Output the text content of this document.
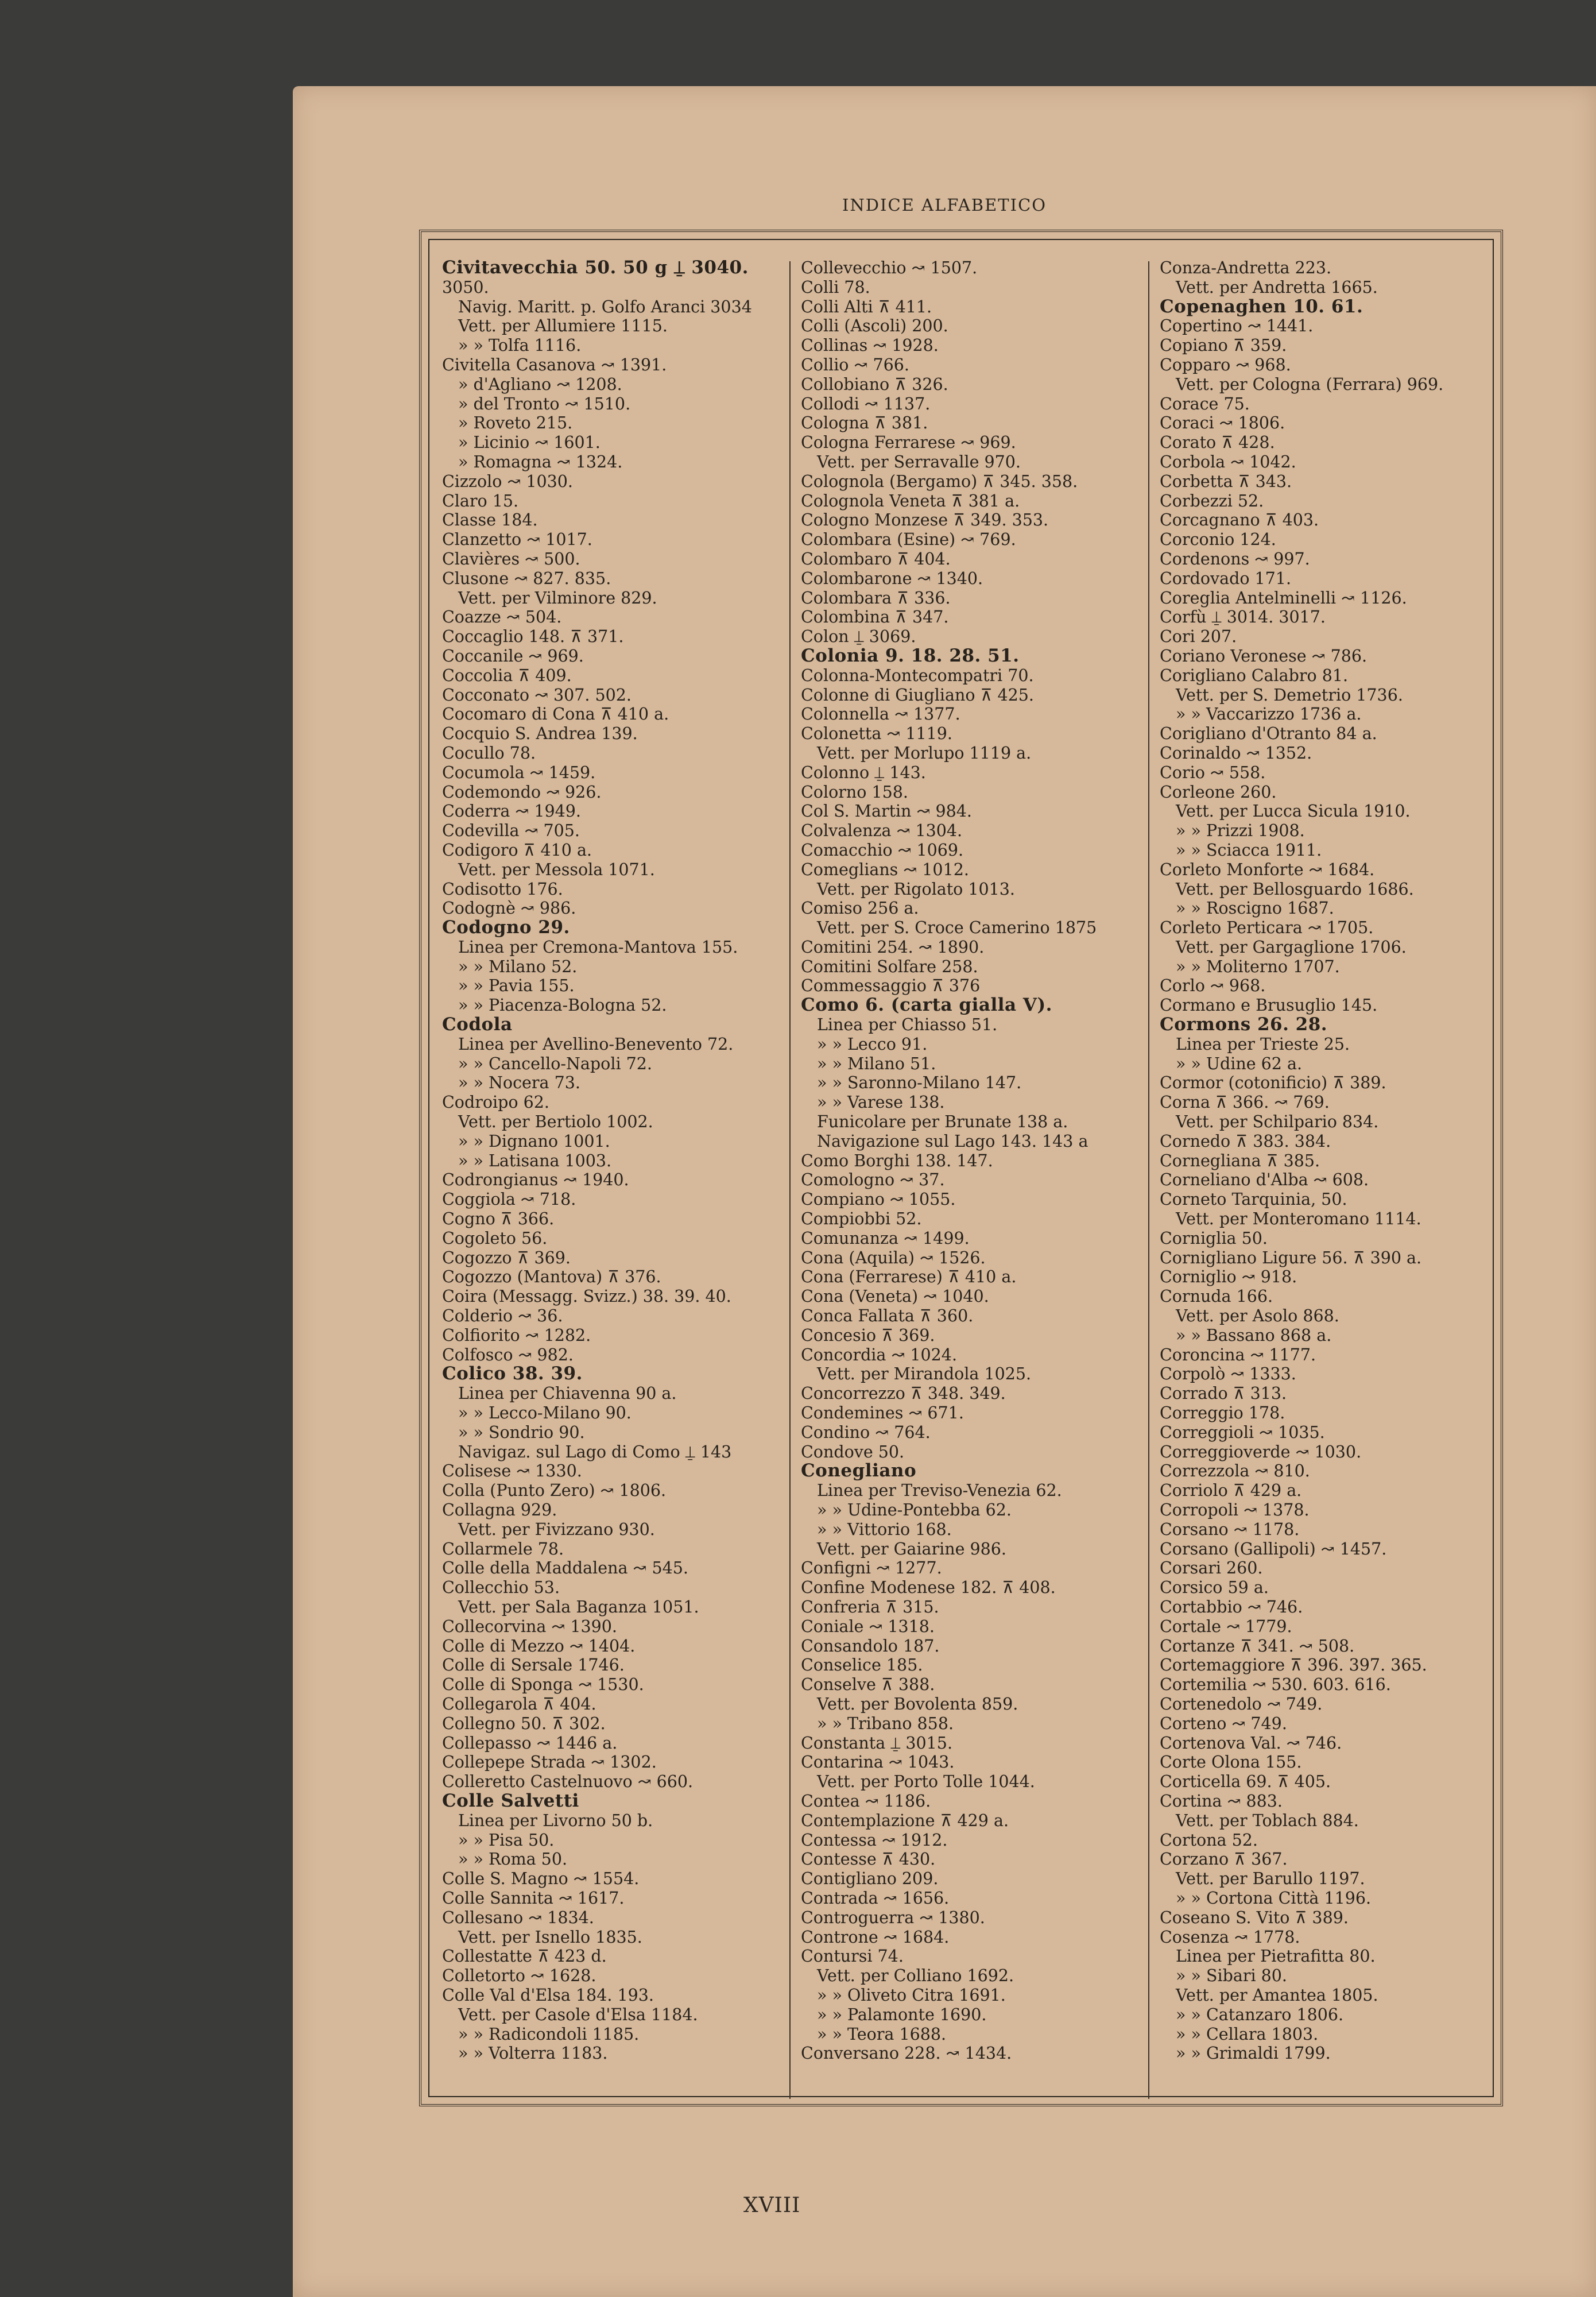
INDICE ALFABETICO
XVIII
Civitavecchia 50. 50 g ⍊ 3040.
3050.
Navig. Maritt. p. Golfo Aranci 3034
Vett. per Allumiere 1115.
» » Tolfa 1116.
Civitella Casanova ↝ 1391.
» d'Agliano ↝ 1208.
» del Tronto ↝ 1510.
» Roveto 215.
» Licinio ↝ 1601.
» Romagna ↝ 1324.
Cizzolo ↝ 1030.
Claro 15.
Classe 184.
Clanzetto ↝ 1017.
Clavières ↝ 500.
Clusone ↝ 827. 835.
Vett. per Vilminore 829.
Coazze ↝ 504.
Coccaglio 148. ⊼ 371.
Coccanile ↝ 969.
Coccolia ⊼ 409.
Cocconato ↝ 307. 502.
Cocomaro di Cona ⊼ 410 a.
Cocquio S. Andrea 139.
Cocullo 78.
Cocumola ↝ 1459.
Codemondo ↝ 926.
Coderra ↝ 1949.
Codevilla ↝ 705.
Codigoro ⊼ 410 a.
Vett. per Messola 1071.
Codisotto 176.
Codognè ↝ 986.
Codogno 29.
Linea per Cremona-Mantova 155.
» » Milano 52.
» » Pavia 155.
» » Piacenza-Bologna 52.
Codola
Linea per Avellino-Benevento 72.
» » Cancello-Napoli 72.
» » Nocera 73.
Codroipo 62.
Vett. per Bertiolo 1002.
» » Dignano 1001.
» » Latisana 1003.
Codrongianus ↝ 1940.
Coggiola ↝ 718.
Cogno ⊼ 366.
Cogoleto 56.
Cogozzo ⊼ 369.
Cogozzo (Mantova) ⊼ 376.
Coira (Messagg. Svizz.) 38. 39. 40.
Colderio ↝ 36.
Colfiorito ↝ 1282.
Colfosco ↝ 982.
Colico 38. 39.
Linea per Chiavenna 90 a.
» » Lecco-Milano 90.
» » Sondrio 90.
Navigaz. sul Lago di Como ⍊ 143
Colisese ↝ 1330.
Colla (Punto Zero) ↝ 1806.
Collagna 929.
Vett. per Fivizzano 930.
Collarmele 78.
Colle della Maddalena ↝ 545.
Collecchio 53.
Vett. per Sala Baganza 1051.
Collecorvina ↝ 1390.
Colle di Mezzo ↝ 1404.
Colle di Sersale 1746.
Colle di Sponga ↝ 1530.
Collegarola ⊼ 404.
Collegno 50. ⊼ 302.
Collepasso ↝ 1446 a.
Collepepe Strada ↝ 1302.
Colleretto Castelnuovo ↝ 660.
Colle Salvetti
Linea per Livorno 50 b.
» » Pisa 50.
» » Roma 50.
Colle S. Magno ↝ 1554.
Colle Sannita ↝ 1617.
Collesano ↝ 1834.
Vett. per Isnello 1835.
Collestatte ⊼ 423 d.
Colletorto ↝ 1628.
Colle Val d'Elsa 184. 193.
Vett. per Casole d'Elsa 1184.
» » Radicondoli 1185.
» » Volterra 1183.
Collevecchio ↝ 1507.
Colli 78.
Colli Alti ⊼ 411.
Colli (Ascoli) 200.
Collinas ↝ 1928.
Collio ↝ 766.
Collobiano ⊼ 326.
Collodi ↝ 1137.
Cologna ⊼ 381.
Cologna Ferrarese ↝ 969.
Vett. per Serravalle 970.
Colognola (Bergamo) ⊼ 345. 358.
Colognola Veneta ⊼ 381 a.
Cologno Monzese ⊼ 349. 353.
Colombara (Esine) ↝ 769.
Colombaro ⊼ 404.
Colombarone ↝ 1340.
Colombara ⊼ 336.
Colombina ⊼ 347.
Colon ⍊ 3069.
Colonia 9. 18. 28. 51.
Colonna-Montecompatri 70.
Colonne di Giugliano ⊼ 425.
Colonnella ↝ 1377.
Colonetta ↝ 1119.
Vett. per Morlupo 1119 a.
Colonno ⍊ 143.
Colorno 158.
Col S. Martin ↝ 984.
Colvalenza ↝ 1304.
Comacchio ↝ 1069.
Comeglians ↝ 1012.
Vett. per Rigolato 1013.
Comiso 256 a.
Vett. per S. Croce Camerino 1875
Comitini 254. ↝ 1890.
Comitini Solfare 258.
Commessaggio ⊼ 376
Como 6. (carta gialla V).
Linea per Chiasso 51.
» » Lecco 91.
» » Milano 51.
» » Saronno-Milano 147.
» » Varese 138.
Funicolare per Brunate 138 a.
Navigazione sul Lago 143. 143 a
Como Borghi 138. 147.
Comologno ↝ 37.
Compiano ↝ 1055.
Compiobbi 52.
Comunanza ↝ 1499.
Cona (Aquila) ↝ 1526.
Cona (Ferrarese) ⊼ 410 a.
Cona (Veneta) ↝ 1040.
Conca Fallata ⊼ 360.
Concesio ⊼ 369.
Concordia ↝ 1024.
Vett. per Mirandola 1025.
Concorrezzo ⊼ 348. 349.
Condemines ↝ 671.
Condino ↝ 764.
Condove 50.
Conegliano
Linea per Treviso-Venezia 62.
» » Udine-Pontebba 62.
» » Vittorio 168.
Vett. per Gaiarine 986.
Configni ↝ 1277.
Confine Modenese 182. ⊼ 408.
Confreria ⊼ 315.
Coniale ↝ 1318.
Consandolo 187.
Conselice 185.
Conselve ⊼ 388.
Vett. per Bovolenta 859.
» » Tribano 858.
Constanta ⍊ 3015.
Contarina ↝ 1043.
Vett. per Porto Tolle 1044.
Contea ↝ 1186.
Contemplazione ⊼ 429 a.
Contessa ↝ 1912.
Contesse ⊼ 430.
Contigliano 209.
Contrada ↝ 1656.
Controguerra ↝ 1380.
Controne ↝ 1684.
Contursi 74.
Vett. per Colliano 1692.
» » Oliveto Citra 1691.
» » Palamonte 1690.
» » Teora 1688.
Conversano 228. ↝ 1434.
Conza-Andretta 223.
Vett. per Andretta 1665.
Copenaghen 10. 61.
Copertino ↝ 1441.
Copiano ⊼ 359.
Copparo ↝ 968.
Vett. per Cologna (Ferrara) 969.
Corace 75.
Coraci ↝ 1806.
Corato ⊼ 428.
Corbola ↝ 1042.
Corbetta ⊼ 343.
Corbezzi 52.
Corcagnano ⊼ 403.
Corconio 124.
Cordenons ↝ 997.
Cordovado 171.
Coreglia Antelminelli ↝ 1126.
Corfù ⍊ 3014. 3017.
Cori 207.
Coriano Veronese ↝ 786.
Corigliano Calabro 81.
Vett. per S. Demetrio 1736.
» » Vaccarizzo 1736 a.
Corigliano d'Otranto 84 a.
Corinaldo ↝ 1352.
Corio ↝ 558.
Corleone 260.
Vett. per Lucca Sicula 1910.
» » Prizzi 1908.
» » Sciacca 1911.
Corleto Monforte ↝ 1684.
Vett. per Bellosguardo 1686.
» » Roscigno 1687.
Corleto Perticara ↝ 1705.
Vett. per Gargaglione 1706.
» » Moliterno 1707.
Corlo ↝ 968.
Cormano e Brusuglio 145.
Cormons 26. 28.
Linea per Trieste 25.
» » Udine 62 a.
Cormor (cotonificio) ⊼ 389.
Corna ⊼ 366. ↝ 769.
Vett. per Schilpario 834.
Cornedo ⊼ 383. 384.
Cornegliana ⊼ 385.
Corneliano d'Alba ↝ 608.
Corneto Tarquinia, 50.
Vett. per Monteromano 1114.
Corniglia 50.
Cornigliano Ligure 56. ⊼ 390 a.
Corniglio ↝ 918.
Cornuda 166.
Vett. per Asolo 868.
» » Bassano 868 a.
Coroncina ↝ 1177.
Corpolò ↝ 1333.
Corrado ⊼ 313.
Correggio 178.
Correggioli ↝ 1035.
Correggioverde ↝ 1030.
Correzzola ↝ 810.
Corriolo ⊼ 429 a.
Corropoli ↝ 1378.
Corsano ↝ 1178.
Corsano (Gallipoli) ↝ 1457.
Corsari 260.
Corsico 59 a.
Cortabbio ↝ 746.
Cortale ↝ 1779.
Cortanze ⊼ 341. ↝ 508.
Cortemaggiore ⊼ 396. 397. 365.
Cortemilia ↝ 530. 603. 616.
Cortenedolo ↝ 749.
Corteno ↝ 749.
Cortenova Val. ↝ 746.
Corte Olona 155.
Corticella 69. ⊼ 405.
Cortina ↝ 883.
Vett. per Toblach 884.
Cortona 52.
Corzano ⊼ 367.
Vett. per Barullo 1197.
» » Cortona Città 1196.
Coseano S. Vito ⊼ 389.
Cosenza ↝ 1778.
Linea per Pietrafitta 80.
» » Sibari 80.
Vett. per Amantea 1805.
» » Catanzaro 1806.
» » Cellara 1803.
» » Grimaldi 1799.
